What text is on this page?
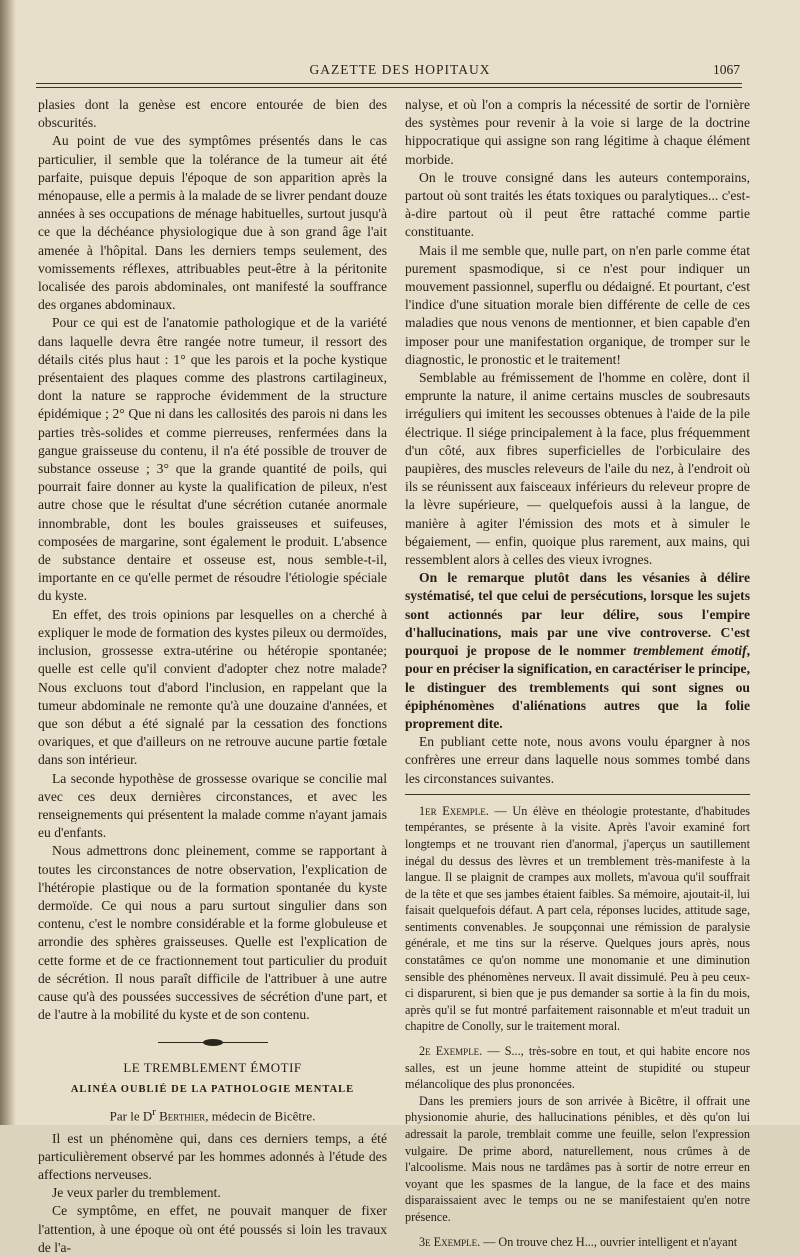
GAZETTE DES HOPITAUX	1067

plasies dont la genèse est encore entourée de bien des obscurités.

Au point de vue des symptômes présentés dans le cas particulier, il semble que la tolérance de la tumeur ait été parfaite, puisque depuis l'époque de son apparition après la ménopause, elle a permis à la malade de se livrer pendant douze années à ses occupations de ménage habituelles, surtout jusqu'à ce que la déchéance physiologique due à son grand âge l'ait amenée à l'hôpital. Dans les derniers temps seulement, des vomissements réflexes, attribuables peut-être à la péritonite localisée des parois abdominales, ont manifesté la souffrance des organes abdominaux.

Pour ce qui est de l'anatomie pathologique et de la variété dans laquelle devra être rangée notre tumeur, il ressort des détails cités plus haut : 1° que les parois et la poche kystique présentaient des plaques comme des plastrons cartilagineux, dont la nature se rapproche évidemment de la structure épidémique ; 2° Que ni dans les callosités des parois ni dans les parties très-solides et comme pierreuses, renfermées dans la gangue graisseuse du contenu, il n'a été possible de trouver de substance osseuse ; 3° que la grande quantité de poils, qui pourrait faire donner au kyste la qualification de pileux, n'est autre chose que le résultat d'une sécrétion cutanée anormale innombrable, dont les boules graisseuses et suifeuses, composées de margarine, sont également le produit. L'absence de substance dentaire et osseuse est, nous semble-t-il, importante en ce qu'elle permet de résoudre l'étiologie spéciale du kyste.

En effet, des trois opinions par lesquelles on a cherché à expliquer le mode de formation des kystes pileux ou dermoïdes, inclusion, grossesse extra-utérine ou hétéropie spontanée; quelle est celle qu'il convient d'adopter chez notre malade? Nous excluons tout d'abord l'inclusion, en rappelant que la tumeur abdominale ne remonte qu'à une douzaine d'années, et que son début a été signalé par la cessation des fonctions ovariques, et que d'ailleurs on ne retrouve aucune partie fœtale dans son intérieur.

La seconde hypothèse de grossesse ovarique se concilie mal avec ces deux dernières circonstances, et avec les renseignements qui présentent la malade comme n'ayant jamais eu d'enfants.

Nous admettrons donc pleinement, comme se rapportant à toutes les circonstances de notre observation, l'explication de l'hétéropie plastique ou de la formation spontanée du kyste dermoïde. Ce qui nous a paru surtout singulier dans son contenu, c'est le nombre considérable et la forme globuleuse et arrondie des sphères graisseuses. Quelle est l'explication de cette forme et de ce fractionnement tout particulier du produit de sécrétion. Il nous paraît difficile de l'attribuer à une autre cause qu'à des poussées successives de sécrétion d'une part, et de l'autre à la mobilité du kyste et de son contenu.

LE TREMBLEMENT ÉMOTIF
ALINÉA OUBLIÉ DE LA PATHOLOGIE MENTALE
Par le $D^r$ Berthier, médecin de Bicêtre.

Il est un phénomène qui, dans ces derniers temps, a été particulièrement observé par les hommes adonnés à l'étude des affections nerveuses.

Je veux parler du tremblement.

Ce symptôme, en effet, ne pouvait manquer de fixer l'attention, à une époque où ont été poussés si loin les travaux de l'a-

nalyse, et où l'on a compris la nécessité de sortir de l'ornière des systèmes pour revenir à la voie si large de la doctrine hippocratique qui assigne son rang légitime à chaque élément morbide.

On le trouve consigné dans les auteurs contemporains, partout où sont traités les états toxiques ou paralytiques... c'est-à-dire partout où il peut être rattaché comme partie constituante.

Mais il me semble que, nulle part, on n'en parle comme état purement spasmodique, si ce n'est pour indiquer un mouvement passionnel, superflu ou dédaigné. Et pourtant, c'est l'indice d'une situation morale bien différente de celle de ces maladies que nous venons de mentionner, et bien capable d'en imposer pour une manifestation organique, de tromper sur le diagnostic, le pronostic et le traitement!

Semblable au frémissement de l'homme en colère, dont il emprunte la nature, il anime certains muscles de soubresauts irréguliers qui imitent les secousses obtenues à l'aide de la pile électrique. Il siége principalement à la face, plus fréquemment d'un côté, aux fibres superficielles de l'orbiculaire des paupières, des muscles releveurs de l'aile du nez, à l'endroit où ils se réunissent aux faisceaux inférieurs du releveur propre de la lèvre supérieure, — quelquefois aussi à la langue, de manière à agiter l'émission des mots et à simuler le bégaiement, — enfin, quoique plus rarement, aux mains, qui ressemblent alors à celles des vieux ivrognes.

On le remarque plutôt dans les vésanies à délire systématisé, tel que celui de persécutions, lorsque les sujets sont actionnés par leur délire, sous l'empire d'hallucinations, mais par une vive controverse. C'est pourquoi je propose de le nommer tremblement émotif, pour en préciser la signification, en caractériser le principe, le distinguer des tremblements qui sont signes ou épiphénomènes d'aliénations autres que la folie proprement dite.

En publiant cette note, nous avons voulu épargner à nos confrères une erreur dans laquelle nous sommes tombé dans les circonstances suivantes.

1er Exemple. — Un élève en théologie protestante, d'habitudes tempérantes, se présente à la visite. Après l'avoir examiné fort longtemps et ne trouvant rien d'anormal, j'aperçus un sautillement inégal du dessus des lèvres et un tremblement très-manifeste à la langue. Il se plaignit de crampes aux mollets, m'avoua qu'il souffrait de la tête et que ses jambes étaient faibles. Sa mémoire, ajoutait-il, lui faisait quelquefois défaut. A part cela, réponses lucides, attitude sage, sentiments convenables. Je soupçonnai une rémission de paralysie générale, et me tins sur la réserve. Quelques jours après, nous constatâmes ce qu'on nomme une monomanie et une diminution sensible des phénomènes nerveux. Il avait dissimulé. Peu à peu ceux-ci disparurent, si bien que je pus demander sa sortie à la fin du mois, après qu'il se fut montré parfaitement raisonnable et m'eut traduit un chapitre de Conolly, sur le traitement moral.

2e Exemple. — S..., très-sobre en tout, et qui habite encore nos salles, est un jeune homme atteint de stupidité ou stupeur mélancolique des plus prononcées.

Dans les premiers jours de son arrivée à Bicêtre, il offrait une physionomie ahurie, des hallucinations pénibles, et dès qu'on lui adressait la parole, tremblait comme une feuille, selon l'expression vulgaire. De prime abord, naturellement, nous crûmes à de l'alcoolisme. Mais nous ne tardâmes pas à sortir de notre erreur en voyant que les spasmes de la langue, de la face et des mains disparaissaient avec le temps ou ne se manifestaient qu'en notre présence.

3e Exemple. — On trouve chez H..., ouvrier intelligent et n'ayant
